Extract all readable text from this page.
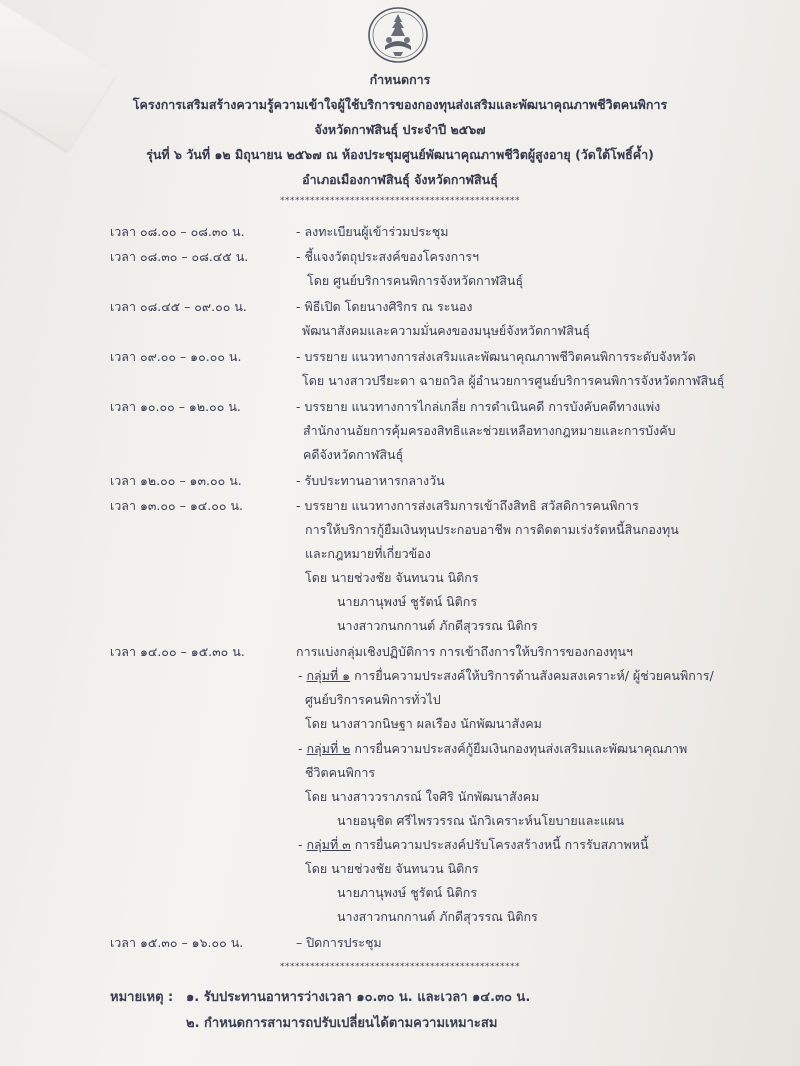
กำหนดการ
โครงการเสริมสร้างความรู้ความเข้าใจผู้ใช้บริการของกองทุนส่งเสริมและพัฒนาคุณภาพชีวิตคนพิการ
จังหวัดกาฬสินธุ์ ประจำปี ๒๕๖๗
รุ่นที่ ๖ วันที่ ๑๒ มิถุนายน ๒๕๖๗ ณ ห้องประชุมศูนย์พัฒนาคุณภาพชีวิตผู้สูงอายุ (วัดใต้โพธิ์ค้ำ)
อำเภอเมืองกาฬสินธุ์ จังหวัดกาฬสินธุ์
************************************************
เวลา ๐๘.๐๐ – ๐๘.๓๐ น.	- ลงทะเบียนผู้เข้าร่วมประชุม
เวลา ๐๘.๓๐ – ๐๘.๔๕ น.	- ชี้แจงวัตถุประสงค์ของโครงการฯ
โดย ศูนย์บริการคนพิการจังหวัดกาฬสินธุ์
เวลา ๐๘.๔๕ – ๐๙.๐๐ น.	- พิธีเปิด โดยนางศิริกร ณ ระนอง
พัฒนาสังคมและความมั่นคงของมนุษย์จังหวัดกาฬสินธุ์
เวลา ๐๙.๐๐ – ๑๐.๐๐ น.	- บรรยาย แนวทางการส่งเสริมและพัฒนาคุณภาพชีวิตคนพิการระดับจังหวัด
โดย นางสาวปรียะดา ฉายถวิล ผู้อำนวยการศูนย์บริการคนพิการจังหวัดกาฬสินธุ์
เวลา ๑๐.๐๐ – ๑๒.๐๐ น.	- บรรยาย แนวทางการไกล่เกลี่ย การดำเนินคดี การบังคับคดีทางแพ่ง
สำนักงานอัยการคุ้มครองสิทธิและช่วยเหลือทางกฎหมายและการบังคับ
คดีจังหวัดกาฬสินธุ์
เวลา ๑๒.๐๐ – ๑๓.๐๐ น.	- รับประทานอาหารกลางวัน
เวลา ๑๓.๐๐ – ๑๔.๐๐ น.	- บรรยาย แนวทางการส่งเสริมการเข้าถึงสิทธิ สวัสดิการคนพิการ
การให้บริการกู้ยืมเงินทุนประกอบอาชีพ การติดตามเร่งรัดหนี้สินกองทุน
และกฎหมายที่เกี่ยวข้อง
โดย นายช่วงชัย จันทนวน นิติกร
นายภานุพงษ์ ชูรัตน์ นิติกร
นางสาวกนกกานต์ ภักดีสุวรรณ นิติกร
เวลา ๑๔.๐๐ – ๑๕.๓๐ น.	การแบ่งกลุ่มเชิงปฏิบัติการ การเข้าถึงการให้บริการของกองทุนฯ
- กลุ่มที่ ๑ การยื่นความประสงค์ให้บริการด้านสังคมสงเคราะห์/ ผู้ช่วยคนพิการ/
ศูนย์บริการคนพิการทั่วไป
โดย นางสาวกนิษฐา ผลเรือง นักพัฒนาสังคม
- กลุ่มที่ ๒ การยื่นความประสงค์กู้ยืมเงินกองทุนส่งเสริมและพัฒนาคุณภาพ
ชีวิตคนพิการ
โดย นางสาววราภรณ์ ใจศิริ นักพัฒนาสังคม
นายอนุชิต ศรีไพรวรรณ นักวิเคราะห์นโยบายและแผน
- กลุ่มที่ ๓ การยื่นความประสงค์ปรับโครงสร้างหนี้ การรับสภาพหนี้
โดย นายช่วงชัย จันทนวน นิติกร
นายภานุพงษ์ ชูรัตน์ นิติกร
นางสาวกนกกานต์ ภักดีสุวรรณ นิติกร
เวลา ๑๕.๓๐ – ๑๖.๐๐ น.	– ปิดการประชุม
************************************************
หมายเหตุ : ๑. รับประทานอาหารว่างเวลา ๑๐.๓๐ น. และเวลา ๑๔.๓๐ น.
๒. กำหนดการสามารถปรับเปลี่ยนได้ตามความเหมาะสม
